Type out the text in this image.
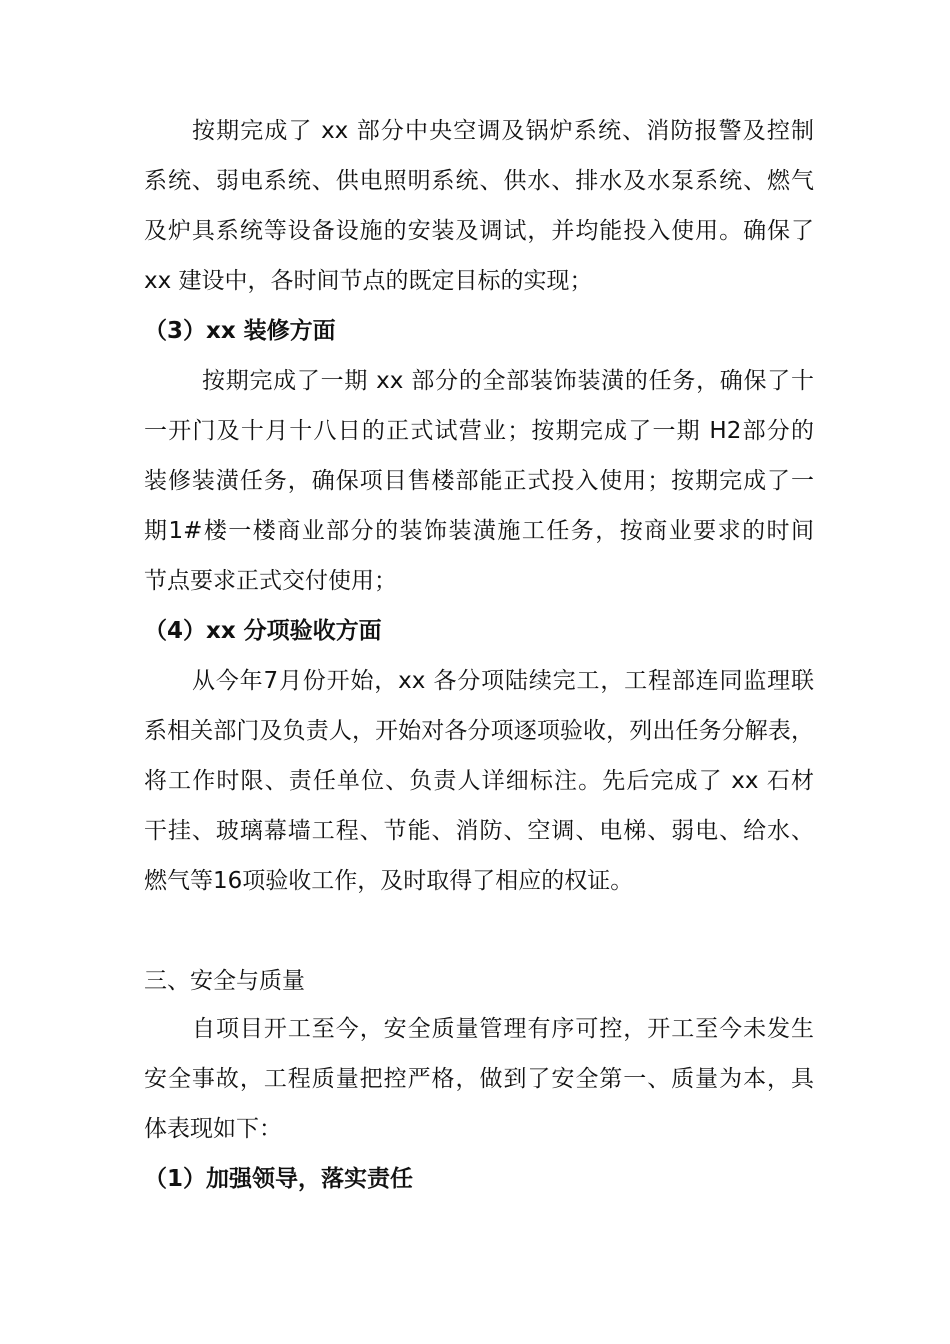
按期完成了 xx 部分中央空调及锅炉系统、消防报警及控制
系统、弱电系统、供电照明系统、供水、排水及水泵系统、燃气
及炉具系统等设备设施的安装及调试，并均能投入使用。确保了
xx 建设中，各时间节点的既定目标的实现；
（3）xx 装修方面
按期完成了一期 xx 部分的全部装饰装潢的任务，确保了十
一开门及十月十八日的正式试营业；按期完成了一期 H2部分的
装修装潢任务，确保项目售楼部能正式投入使用；按期完成了一
期1#楼一楼商业部分的装饰装潢施工任务，按商业要求的时间
节点要求正式交付使用；
（4）xx 分项验收方面
从今年7月份开始，xx 各分项陆续完工，工程部连同监理联
系相关部门及负责人，开始对各分项逐项验收，列出任务分解表，
将工作时限、责任单位、负责人详细标注。先后完成了 xx 石材
干挂、玻璃幕墙工程、节能、消防、空调、电梯、弱电、给水、
燃气等16项验收工作，及时取得了相应的权证。
三、安全与质量
自项目开工至今，安全质量管理有序可控，开工至今未发生
安全事故，工程质量把控严格，做到了安全第一、质量为本，具
体表现如下：
（1）加强领导，落实责任
